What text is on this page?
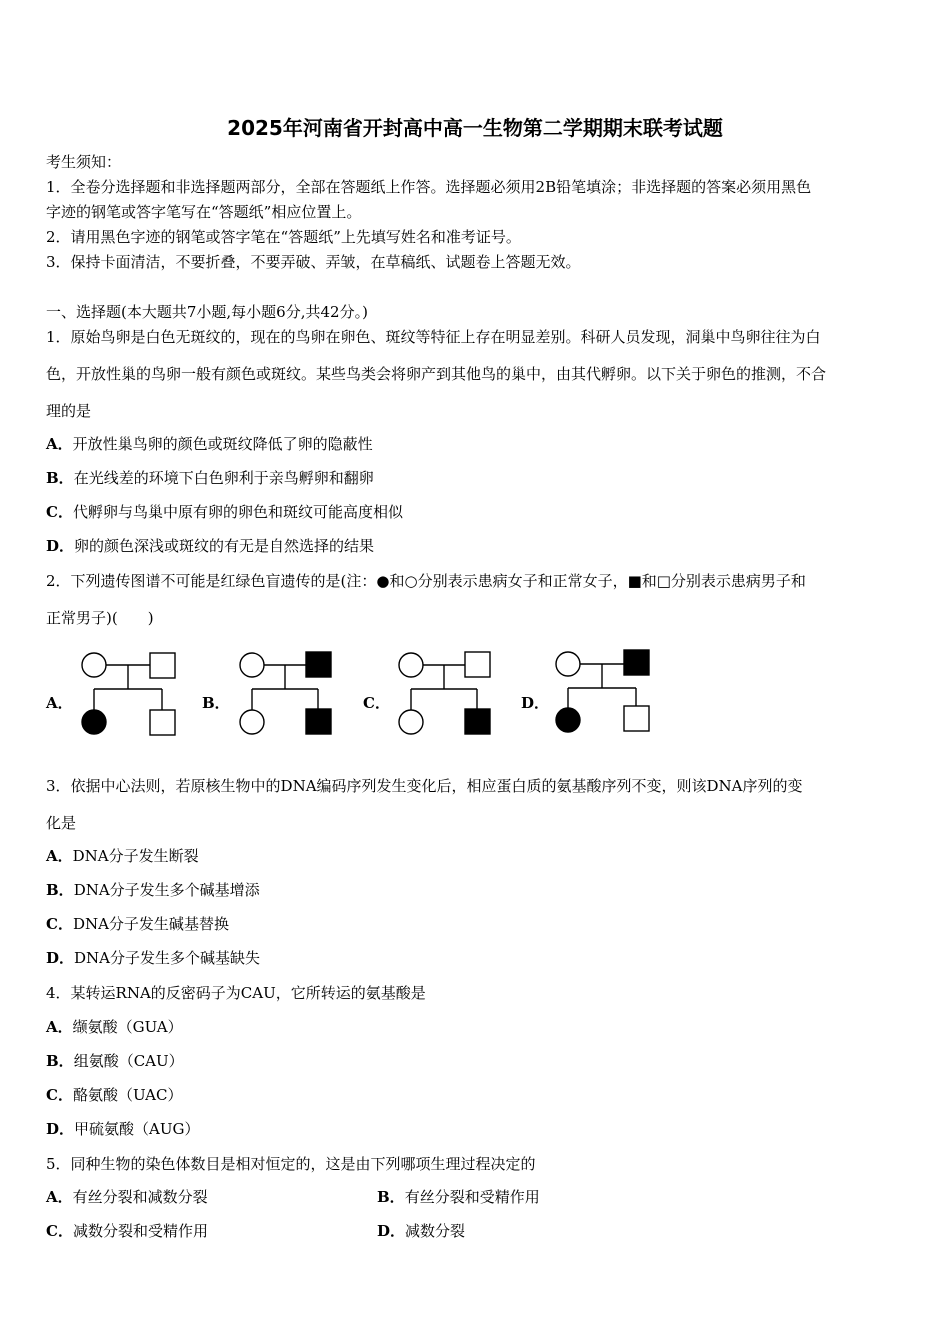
2025年河南省开封高中高一生物第二学期期末联考试题
考生须知：
1．全卷分选择题和非选择题两部分，全部在答题纸上作答。选择题必须用2B铅笔填涂；非选择题的答案必须用黑色
字迹的钢笔或答字笔写在“答题纸”相应位置上。
2．请用黑色字迹的钢笔或答字笔在“答题纸”上先填写姓名和准考证号。
3．保持卡面清洁，不要折叠，不要弄破、弄皱，在草稿纸、试题卷上答题无效。
一、选择题(本大题共7小题,每小题6分,共42分。)
1．原始鸟卵是白色无斑纹的，现在的鸟卵在卵色、斑纹等特征上存在明显差别。科研人员发现，洞巢中鸟卵往往为白
色，开放性巢的鸟卵一般有颜色或斑纹。某些鸟类会将卵产到其他鸟的巢中，由其代孵卵。以下关于卵色的推测，不合
理的是
A．开放性巢鸟卵的颜色或斑纹降低了卵的隐蔽性
B．在光线差的环境下白色卵利于亲鸟孵卵和翻卵
C．代孵卵与鸟巢中原有卵的卵色和斑纹可能高度相似
D．卵的颜色深浅或斑纹的有无是自然选择的结果
2．下列遗传图谱不可能是红绿色盲遗传的是(注：●和○分别表示患病女子和正常女子，■和□分别表示患病男子和
正常男子)(　　)
A．	B．	C．	D．
3．依据中心法则，若原核生物中的DNA编码序列发生变化后，相应蛋白质的氨基酸序列不变，则该DNA序列的变
化是
A．DNA分子发生断裂
B．DNA分子发生多个碱基增添
C．DNA分子发生碱基替换
D．DNA分子发生多个碱基缺失
4．某转运RNA的反密码子为CAU，它所转运的氨基酸是
A．缬氨酸（GUA）
B．组氨酸（CAU）
C．酪氨酸（UAC）
D．甲硫氨酸（AUG）
5．同种生物的染色体数目是相对恒定的，这是由下列哪项生理过程决定的
A．有丝分裂和减数分裂	B．有丝分裂和受精作用
C．减数分裂和受精作用	D．减数分裂
